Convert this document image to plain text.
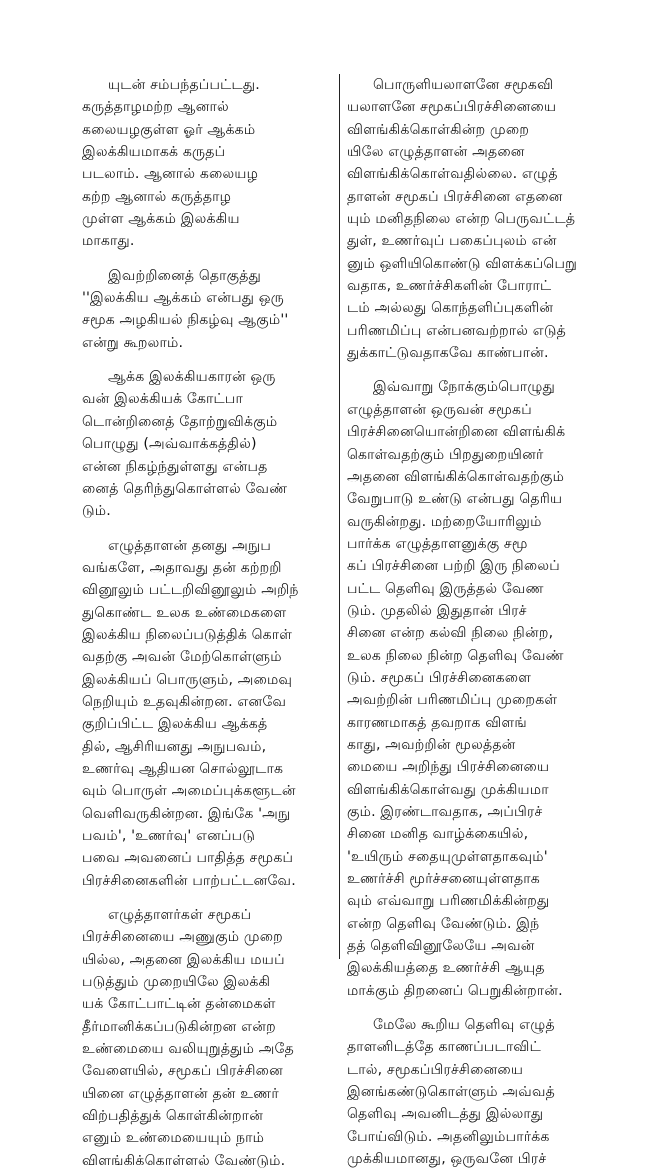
யுடன் சம்பந்தப்பட்டது.
கருத்தாழமற்ற ஆனால்
கலையழகுள்ள ஓர் ஆக்கம்
இலக்கியமாகக் கருதப்
படலாம். ஆனால் கலையழ
கற்ற ஆனால் கருத்தாழ
முள்ள ஆக்கம் இலக்கிய
மாகாது.
இவற்றினைத் தொகுத்து
''இலக்கிய ஆக்கம் என்பது ஒரு
சமூக அழகியல் நிகழ்வு ஆகும்''
என்று கூறலாம்.
ஆக்க இலக்கியகாரன் ஒரு
வன் இலக்கியக் கோட்பா
டொன்றினைத் தோற்றுவிக்கும்
பொழுது (அவ்வாக்கத்தில்)
என்ன நிகழ்ந்துள்ளது என்பத
னைத் தெரிந்துகொள்ளல் வேண்
டும்.
எழுத்தாளன் தனது அநுப
வங்களே, அதாவது தன் கற்றறி
வினூலும் பட்டறிவினூலும் அறிந்
துகொண்ட உலக உண்மைகளை
இலக்கிய நிலைப்படுத்திக் கொள்
வதற்கு அவன் மேற்கொள்ளும்
இலக்கியப் பொருளும், அமைவு
நெறியும் உதவுகின்றன. எனவே
குறிப்பிட்ட இலக்கிய ஆக்கத்
தில், ஆசிரியனது அநுபவம்,
உணர்வு ஆதியன சொல்லூடாக
வும் பொருள் அமைப்புக்களூடன்
வெளிவருகின்றன. இங்கே 'அநு
பவம்', 'உணர்வு' எனப்படு
பவை அவனைப் பாதித்த சமூகப்
பிரச்சினைகளின் பாற்பட்டனவே.
எழுத்தாளர்கள் சமூகப்
பிரச்சினையை அணுகும் முறை
யில்ல, அதனை இலக்கிய மயப்
படுத்தும் முறையிலே இலக்கி
யக் கோட்பாட்டின் தன்மைகள்
தீர்மானிக்கப்படுகின்றன என்ற
உண்மையை வலியுறுத்தும் அதே
வேளையில், சமூகப் பிரச்சினை
யினை எழுத்தாளன் தன் உணர்
விற்பதித்துக் கொள்கின்றான்
எனும் உண்மையையும் நாம்
விளங்கிக்கொள்ளல் வேண்டும்.
பொருளியலாளனே சமூகவி
யலாளனே சமூகப்பிரச்சினையை
விளங்கிக்கொள்கின்ற முறை
யிலே எழுத்தாளன் அதனை
விளங்கிக்கொள்வதில்லை. எழுத்
தாளன் சமூகப் பிரச்சினை எதனை
யும் மனிதநிலை என்ற பெருவட்டத்
துள், உணர்வுப் பகைப்புலம் என்
னும் ஒளியிகொண்டு விளக்கப்பெறு
வதாக, உணர்ச்சிகளின் போராட்
டம் அல்லது கொந்தளிப்புகளின்
பரிணமிப்பு என்பனவற்றால் எடுத்
துக்காட்டுவதாகவே காண்பான்.
இவ்வாறு நோக்கும்பொழுது
எழுத்தாளன் ஒருவன் சமூகப்
பிரச்சினையொன்றினை விளங்கிக்
கொள்வதற்கும் பிறதுறையினர்
அதனை விளங்கிக்கொள்வதற்கும்
வேறுபாடு உண்டு என்பது தெரிய
வருகின்றது. மற்றையோரிலும்
பார்க்க எழுத்தாளனுக்கு சமூ
கப் பிரச்சினை பற்றி இரு நிலைப்
பட்ட தெளிவு இருத்தல் வேண
டும். முதலில் இதுதான் பிரச்
சினை என்ற கல்வி நிலை நின்ற,
உலக நிலை நின்ற தெளிவு வேண்
டும். சமூகப் பிரச்சினைகளை
அவற்றின் பரிணமிப்பு முறைகள்
காரணமாகத் தவறாக விளங்
காது, அவற்றின் மூலத்தன்
மையை அறிந்து பிரச்சினையை
விளங்கிக்கொள்வது முக்கியமா
கும். இரண்டாவதாக, அப்பிரச்
சினை மனித வாழ்க்கையில்,
'உயிரும் சதையுமுள்ளதாகவும்'
உணர்ச்சி மூர்ச்சனையுள்ளதாக
வும் எவ்வாறு பரிணமிக்கின்றது
என்ற தெளிவு வேண்டும். இந்
தத் தெளிவினூலேயே அவன்
இலக்கியத்தை உணர்ச்சி ஆயுத
மாக்கும் திறனைப் பெறுகின்றான்.
மேலே கூறிய தெளிவு எழுத்
தாளனிடத்தே காணப்படாவிட்
டால், சமூகப்பிரச்சினையை
இனங்கண்டுகொள்ளும் அவ்வத்
தெளிவு அவனிடத்து இல்லாது
போய்விடும். அதனிலும்பார்க்க
முக்கியமானது, ஒருவனே பிரச்
